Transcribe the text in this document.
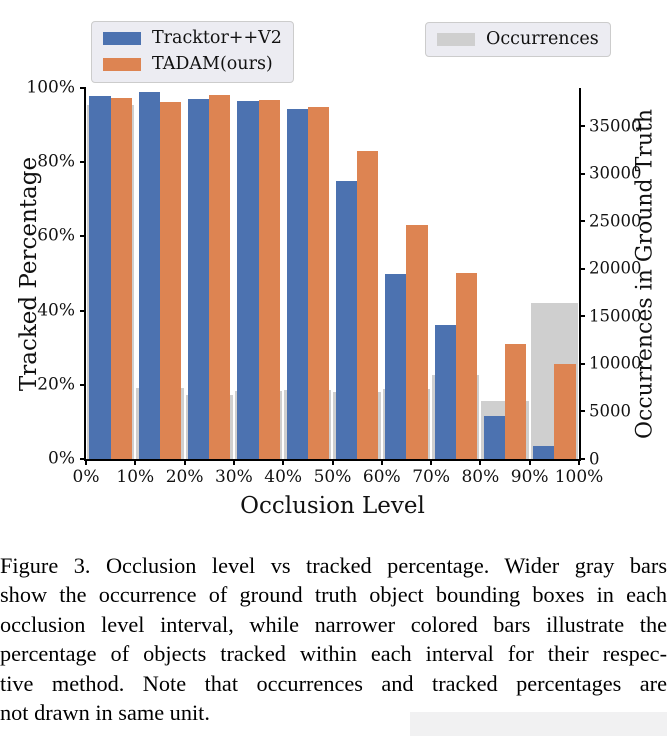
Tracktor++V2
TADAM(ours)
Occurrences
Tracked Percentage	Occurrences in Ground Truth
Occlusion Level
0%
20%
40%
60%
80%
100%
0
5000
10000
15000
20000
25000
30000
35000
0% 10% 20% 30% 40% 50% 60% 70% 80% 90% 100%
Figure 3. Occlusion level vs tracked percentage. Wider gray bars
show the occurrence of ground truth object bounding boxes in each
occlusion level interval, while narrower colored bars illustrate the
percentage of objects tracked within each interval for their respec-
tive method. Note that occurrences and tracked percentages are
not drawn in same unit.
